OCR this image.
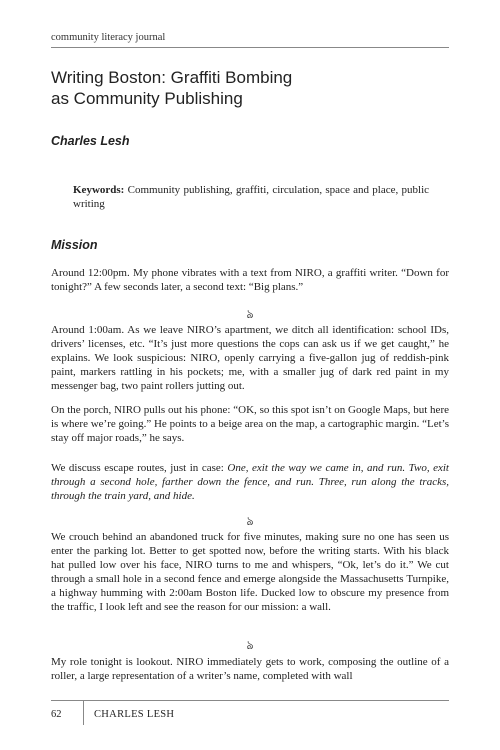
community literacy journal
Writing Boston: Graffiti Bombing
as Community Publishing
Charles Lesh
Keywords: Community publishing, graffiti, circulation, space and place, public writing
Mission

Around 12:00pm. My phone vibrates with a text from NIRO, a graffiti writer. “Down for tonight?” A few seconds later, a second text: “Big plans.”

ঌ

Around 1:00am. As we leave NIRO’s apartment, we ditch all identification: school IDs, drivers’ licenses, etc. “It’s just more questions the cops can ask us if we get caught,” he explains. We look suspicious: NIRO, openly carrying a five-gallon jug of reddish-pink paint, markers rattling in his pockets; me, with a smaller jug of dark red paint in my messenger bag, two paint rollers jutting out.

On the porch, NIRO pulls out his phone: “OK, so this spot isn’t on Google Maps, but here is where we’re going.” He points to a beige area on the map, a cartographic margin. “Let’s stay off major roads,” he says.

We discuss escape routes, just in case: One, exit the way we came in, and run. Two, exit through a second hole, farther down the fence, and run. Three, run along the tracks, through the train yard, and hide.

ঌ

We crouch behind an abandoned truck for five minutes, making sure no one has seen us enter the parking lot. Better to get spotted now, before the writing starts. With his black hat pulled low over his face, NIRO turns to me and whispers, “Ok, let’s do it.” We cut through a small hole in a second fence and emerge alongside the Massachusetts Turnpike, a highway humming with 2:00am Boston life. Ducked low to obscure my presence from the traffic, I look left and see the reason for our mission: a wall.

ঌ

My role tonight is lookout. NIRO immediately gets to work, composing the outline of a roller, a large representation of a writer’s name, completed with wall

62	CHARLES LESH
